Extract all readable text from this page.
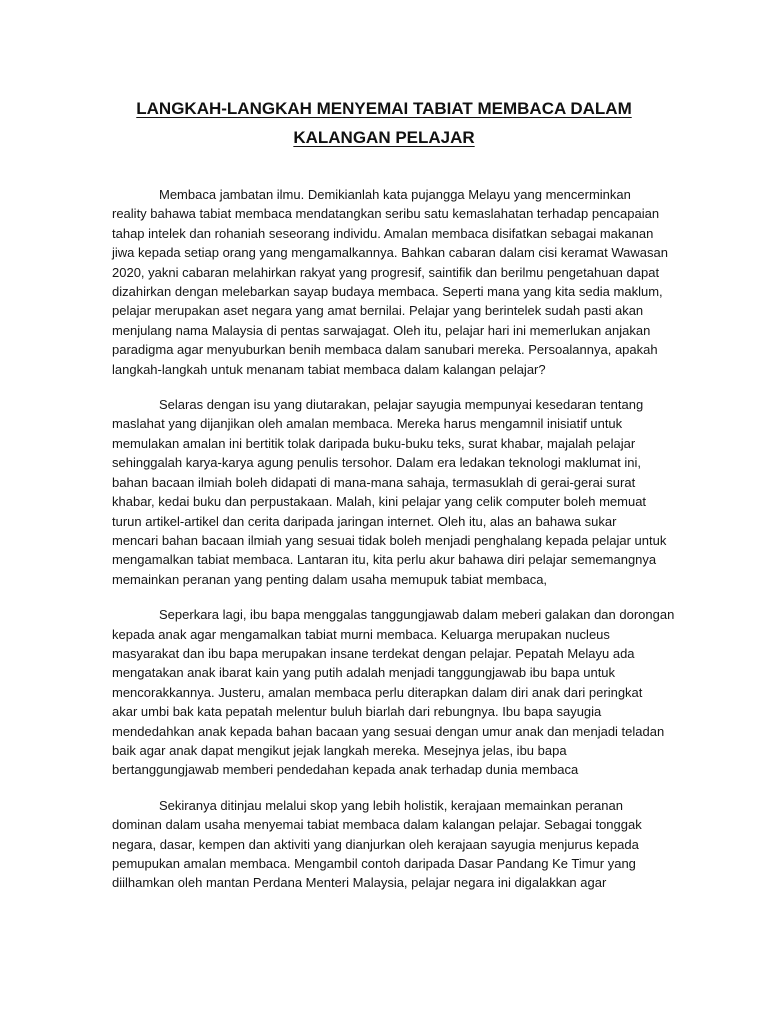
LANGKAH-LANGKAH MENYEMAI TABIAT MEMBACA DALAM
KALANGAN PELAJAR

Membaca jambatan ilmu. Demikianlah kata pujangga Melayu yang mencerminkan
reality bahawa tabiat membaca mendatangkan seribu satu kemaslahatan terhadap pencapaian
tahap intelek dan rohaniah seseorang individu. Amalan membaca disifatkan sebagai makanan
jiwa kepada setiap orang yang mengamalkannya. Bahkan cabaran dalam cisi keramat Wawasan
2020, yakni cabaran melahirkan rakyat yang progresif, saintifik dan berilmu pengetahuan dapat
dizahirkan dengan melebarkan sayap budaya membaca. Seperti mana yang kita sedia maklum,
pelajar merupakan aset negara yang amat bernilai. Pelajar yang berintelek sudah pasti akan
menjulang nama Malaysia di pentas sarwajagat. Oleh itu, pelajar hari ini memerlukan anjakan
paradigma agar menyuburkan benih membaca dalam sanubari mereka. Persoalannya, apakah
langkah-langkah untuk menanam tabiat membaca dalam kalangan pelajar?

Selaras dengan isu yang diutarakan, pelajar sayugia mempunyai kesedaran tentang
maslahat yang dijanjikan oleh amalan membaca. Mereka harus mengamnil inisiatif untuk
memulakan amalan ini bertitik tolak daripada buku-buku teks, surat khabar, majalah pelajar
sehinggalah karya-karya agung penulis tersohor. Dalam era ledakan teknologi maklumat ini,
bahan bacaan ilmiah boleh didapati di mana-mana sahaja, termasuklah di gerai-gerai surat
khabar, kedai buku dan perpustakaan. Malah, kini pelajar yang celik computer boleh memuat
turun artikel-artikel dan cerita daripada jaringan internet. Oleh itu, alas an bahawa sukar
mencari bahan bacaan ilmiah yang sesuai tidak boleh menjadi penghalang kepada pelajar untuk
mengamalkan tabiat membaca. Lantaran itu, kita perlu akur bahawa diri pelajar sememangnya
memainkan peranan yang penting dalam usaha memupuk tabiat membaca,

Seperkara lagi, ibu bapa menggalas tanggungjawab dalam meberi galakan dan dorongan
kepada anak agar mengamalkan tabiat murni membaca. Keluarga merupakan nucleus
masyarakat dan ibu bapa merupakan insane terdekat dengan pelajar. Pepatah Melayu ada
mengatakan anak ibarat kain yang putih adalah menjadi tanggungjawab ibu bapa untuk
mencorakkannya. Justeru, amalan membaca perlu diterapkan dalam diri anak dari peringkat
akar umbi bak kata pepatah melentur buluh biarlah dari rebungnya. Ibu bapa sayugia
mendedahkan anak kepada bahan bacaan yang sesuai dengan umur anak dan menjadi teladan
baik agar anak dapat mengikut jejak langkah mereka. Mesejnya jelas, ibu bapa
bertanggungjawab memberi pendedahan kepada anak terhadap dunia membaca

Sekiranya ditinjau melalui skop yang lebih holistik, kerajaan memainkan peranan
dominan dalam usaha menyemai tabiat membaca dalam kalangan pelajar. Sebagai tonggak
negara, dasar, kempen dan aktiviti yang dianjurkan oleh kerajaan sayugia menjurus kepada
pemupukan amalan membaca. Mengambil contoh daripada Dasar Pandang Ke Timur yang
diilhamkan oleh mantan Perdana Menteri Malaysia, pelajar negara ini digalakkan agar
